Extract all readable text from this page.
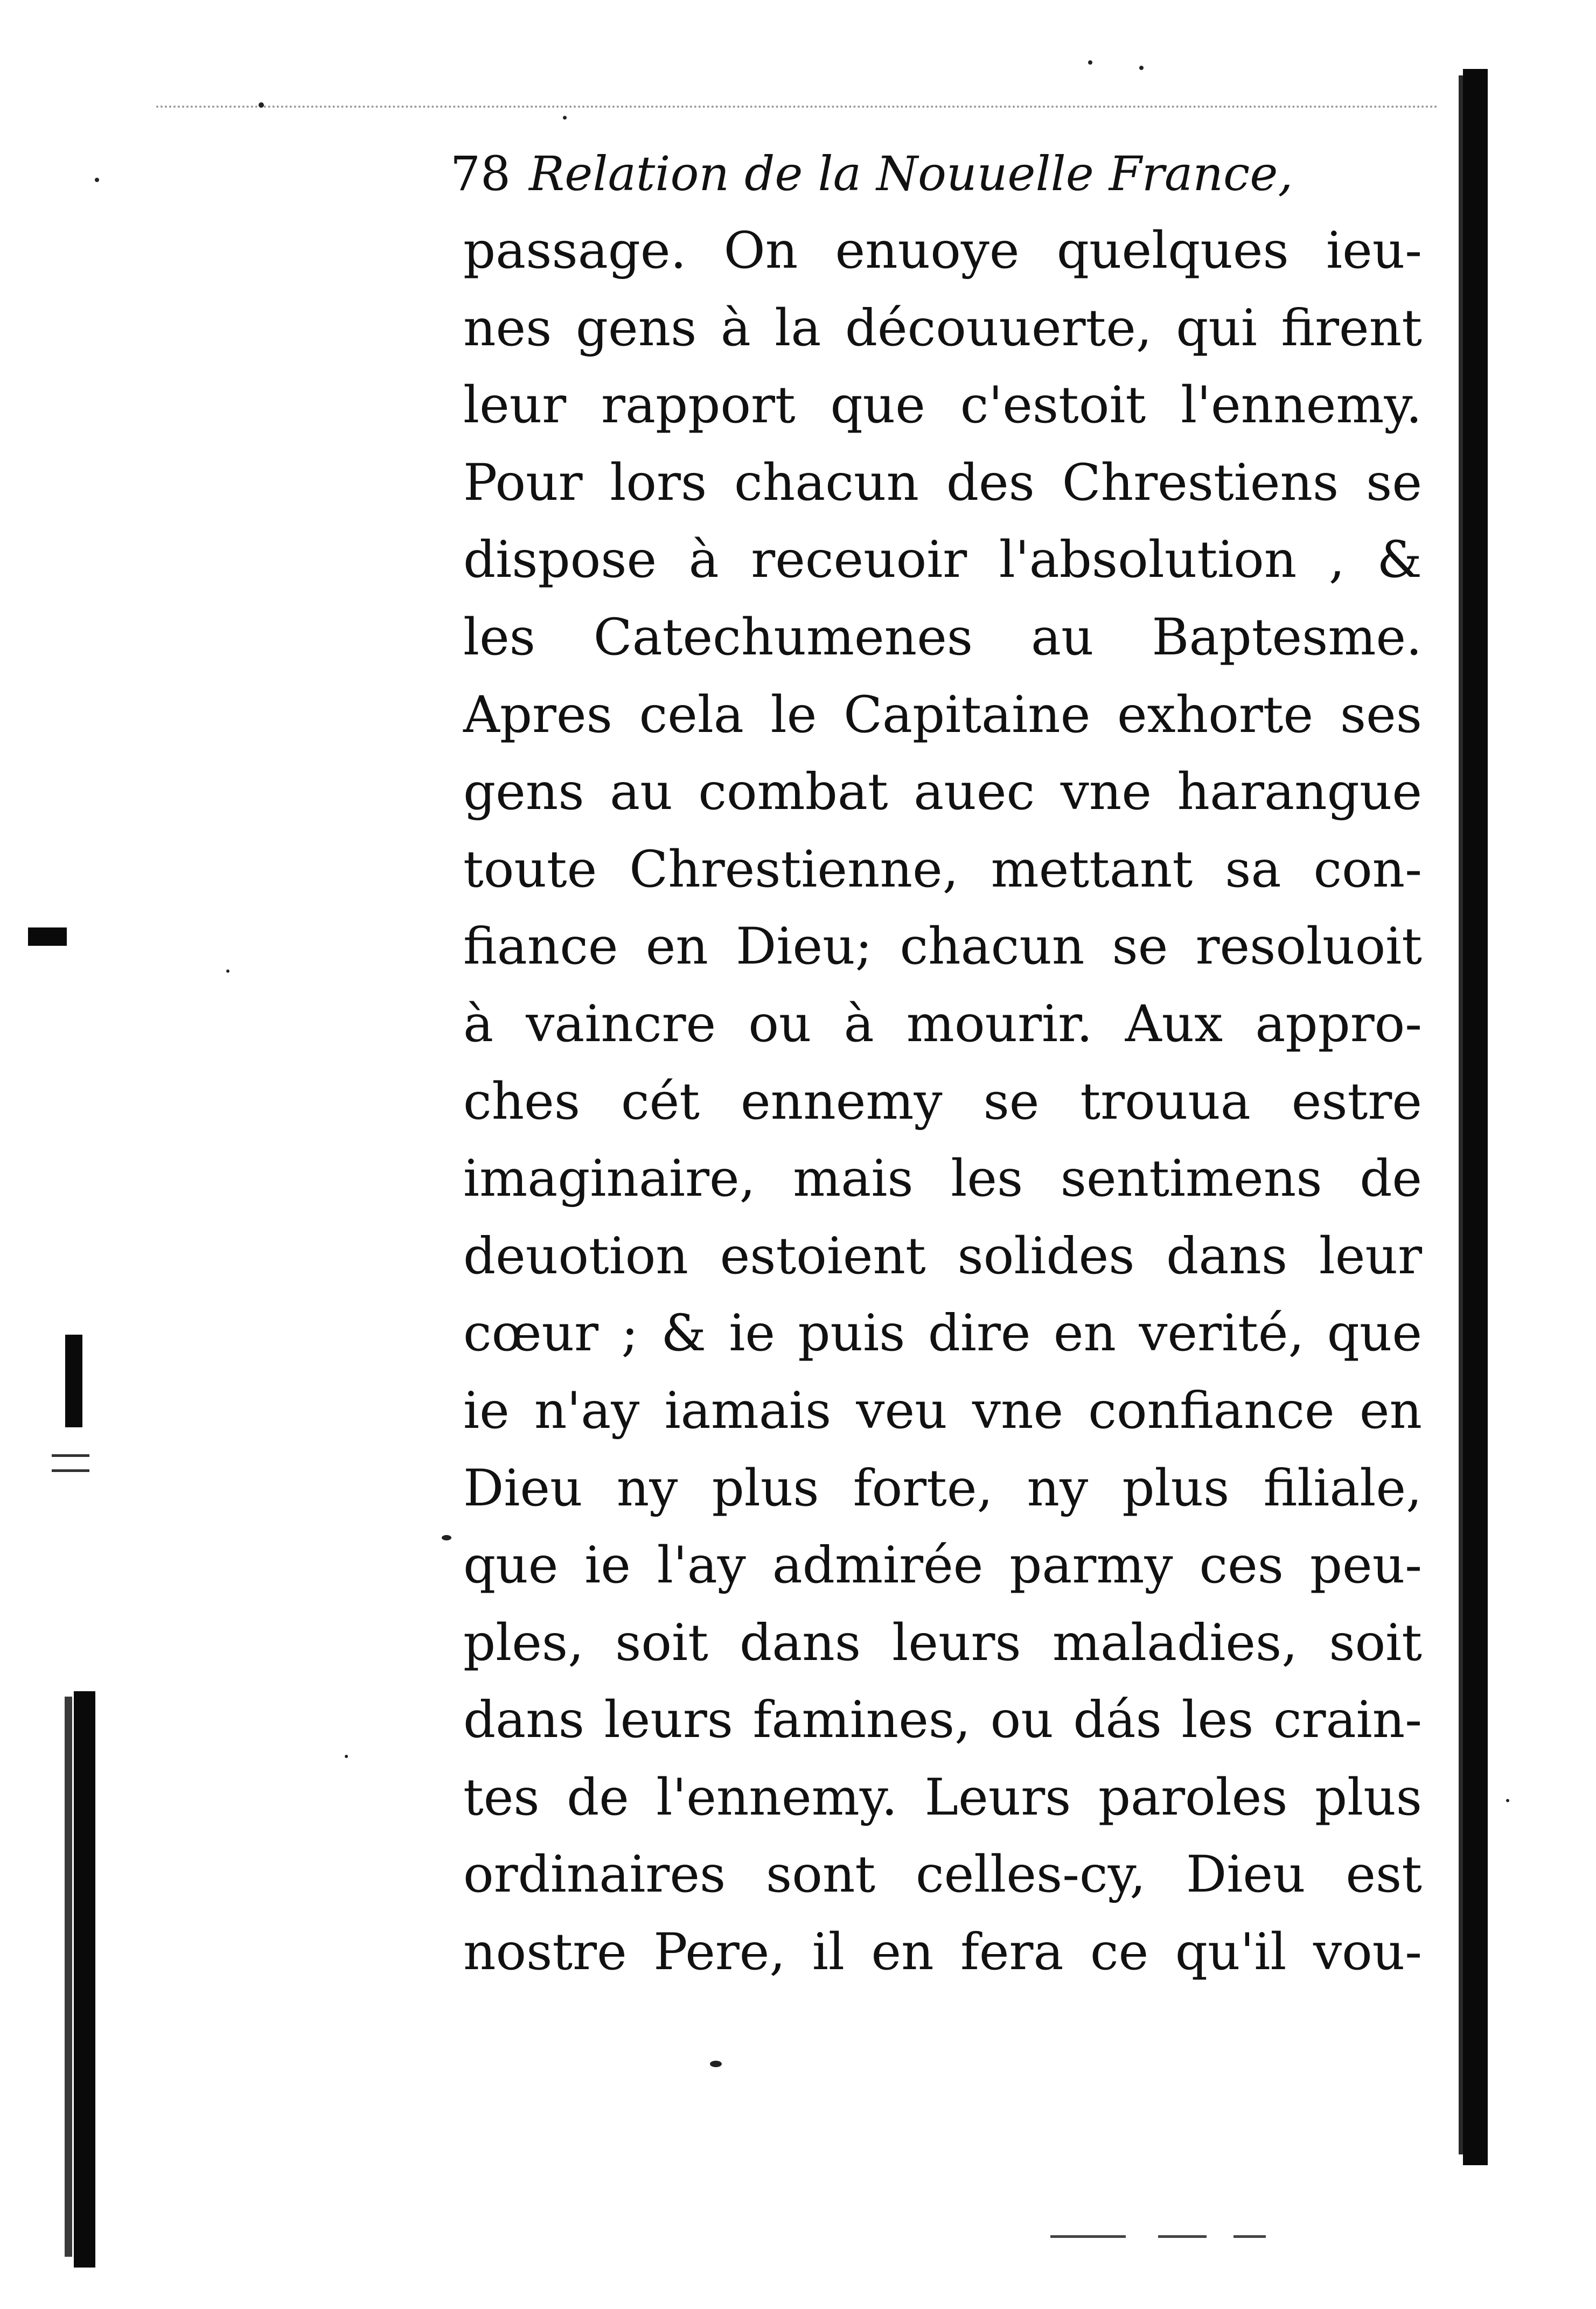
78 Relation de la Nouuelle France,
passage. On enuoye quelques ieu-
nes gens à la découuerte, qui firent
leur rapport que c'estoit l'ennemy.
Pour lors chacun des Chrestiens se
dispose à receuoir l'absolution , &
les Catechumenes au Baptesme.
Apres cela le Capitaine exhorte ses
gens au combat auec vne harangue
toute Chrestienne, mettant sa con-
fiance en Dieu; chacun se resoluoit
à vaincre ou à mourir. Aux appro-
ches cét ennemy se trouua estre
imaginaire, mais les sentimens de
deuotion estoient solides dans leur
cœur ; & ie puis dire en verité, que
ie n'ay iamais veu vne confiance en
Dieu ny plus forte, ny plus filiale,
que ie l'ay admirée parmy ces peu-
ples, soit dans leurs maladies, soit
dans leurs famines, ou dás les crain-
tes de l'ennemy. Leurs paroles plus
ordinaires sont celles-cy, Dieu est
nostre Pere, il en fera ce qu'il vou-
